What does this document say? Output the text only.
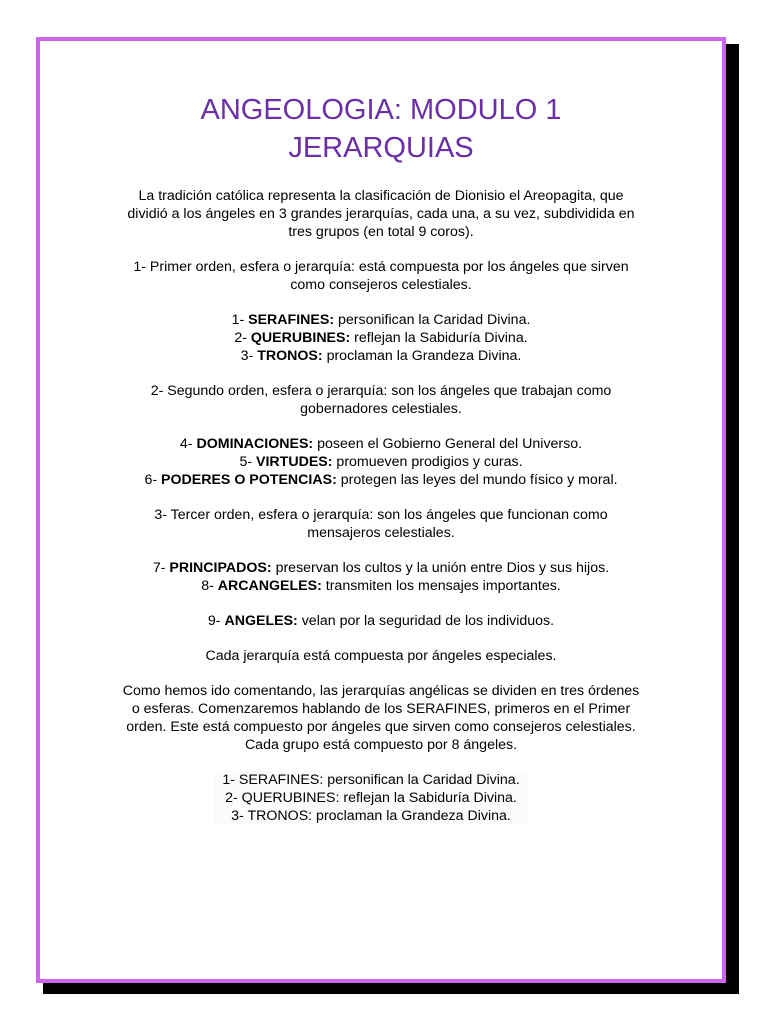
ANGEOLOGIA: MODULO 1
JERARQUIAS
La tradición católica representa la clasificación de Dionisio el Areopagita, que
dividió a los ángeles en 3 grandes jerarquías, cada una, a su vez, subdividida en
tres grupos (en total 9 coros).
1- Primer orden, esfera o jerarquía: está compuesta por los ángeles que sirven
como consejeros celestiales.
1- SERAFINES: personifican la Caridad Divina.
2- QUERUBINES: reflejan la Sabiduría Divina.
3- TRONOS: proclaman la Grandeza Divina.
2- Segundo orden, esfera o jerarquía: son los ángeles que trabajan como
gobernadores celestiales.
4- DOMINACIONES: poseen el Gobierno General del Universo.
5- VIRTUDES: promueven prodigios y curas.
6- PODERES O POTENCIAS: protegen las leyes del mundo físico y moral.
3- Tercer orden, esfera o jerarquía: son los ángeles que funcionan como
mensajeros celestiales.
7- PRINCIPADOS: preservan los cultos y la unión entre Dios y sus hijos.
8- ARCANGELES: transmiten los mensajes importantes.
9- ANGELES: velan por la seguridad de los individuos.
Cada jerarquía está compuesta por ángeles especiales.
Como hemos ido comentando, las jerarquías angélicas se dividen en tres órdenes
o esferas. Comenzaremos hablando de los SERAFINES, primeros en el Primer
orden. Este está compuesto por ángeles que sirven como consejeros celestiales.
Cada grupo está compuesto por 8 ángeles.
1- SERAFINES: personifican la Caridad Divina.
2- QUERUBINES: reflejan la Sabiduría Divina.
3- TRONOS: proclaman la Grandeza Divina.
